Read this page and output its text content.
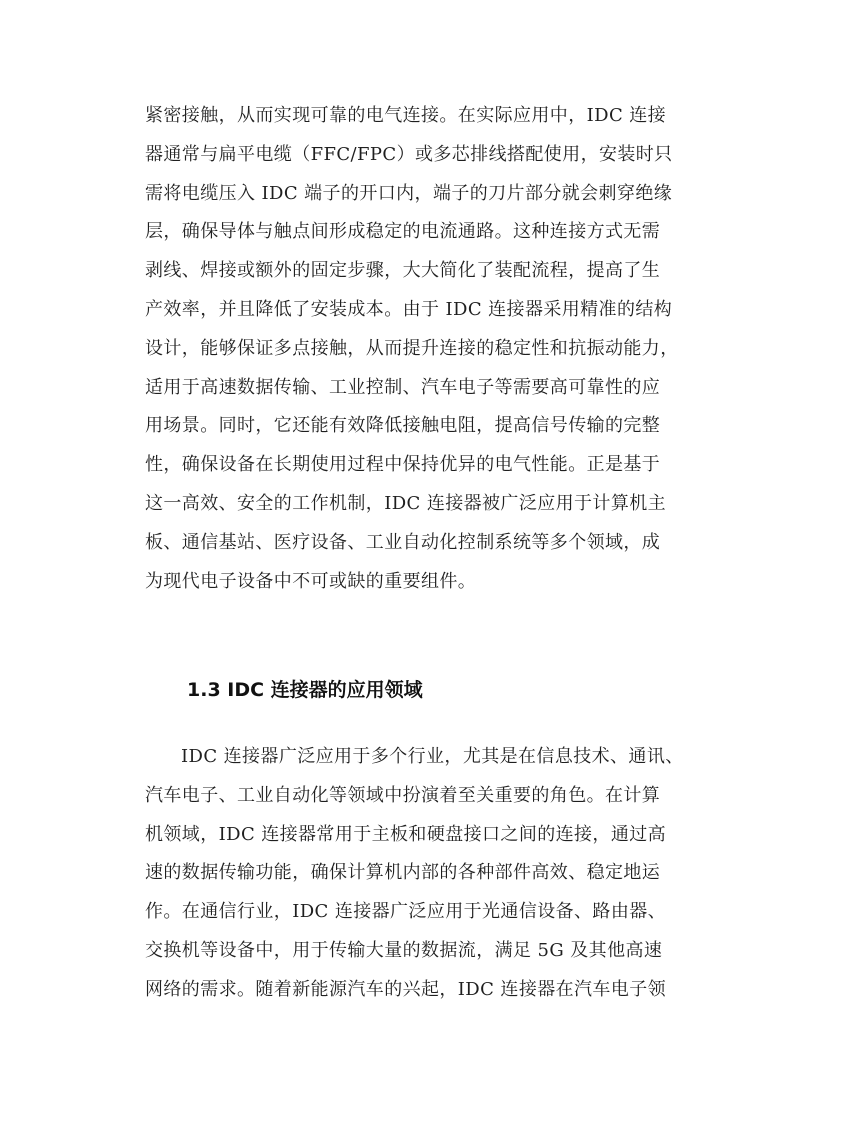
紧密接触，从而实现可靠的电气连接。在实际应用中，IDC 连接
器通常与扁平电缆（FFC/FPC）或多芯排线搭配使用，安装时只
需将电缆压入 IDC 端子的开口内，端子的刀片部分就会刺穿绝缘
层，确保导体与触点间形成稳定的电流通路。这种连接方式无需
剥线、焊接或额外的固定步骤，大大简化了装配流程，提高了生
产效率，并且降低了安装成本。由于 IDC 连接器采用精准的结构
设计，能够保证多点接触，从而提升连接的稳定性和抗振动能力，
适用于高速数据传输、工业控制、汽车电子等需要高可靠性的应
用场景。同时，它还能有效降低接触电阻，提高信号传输的完整
性，确保设备在长期使用过程中保持优异的电气性能。正是基于
这一高效、安全的工作机制，IDC 连接器被广泛应用于计算机主
板、通信基站、医疗设备、工业自动化控制系统等多个领域，成
为现代电子设备中不可或缺的重要组件。
1.3 IDC 连接器的应用领域
IDC 连接器广泛应用于多个行业，尤其是在信息技术、通讯、
汽车电子、工业自动化等领域中扮演着至关重要的角色。在计算
机领域，IDC 连接器常用于主板和硬盘接口之间的连接，通过高
速的数据传输功能，确保计算机内部的各种部件高效、稳定地运
作。在通信行业，IDC 连接器广泛应用于光通信设备、路由器、
交换机等设备中，用于传输大量的数据流，满足 5G 及其他高速
网络的需求。随着新能源汽车的兴起，IDC 连接器在汽车电子领
